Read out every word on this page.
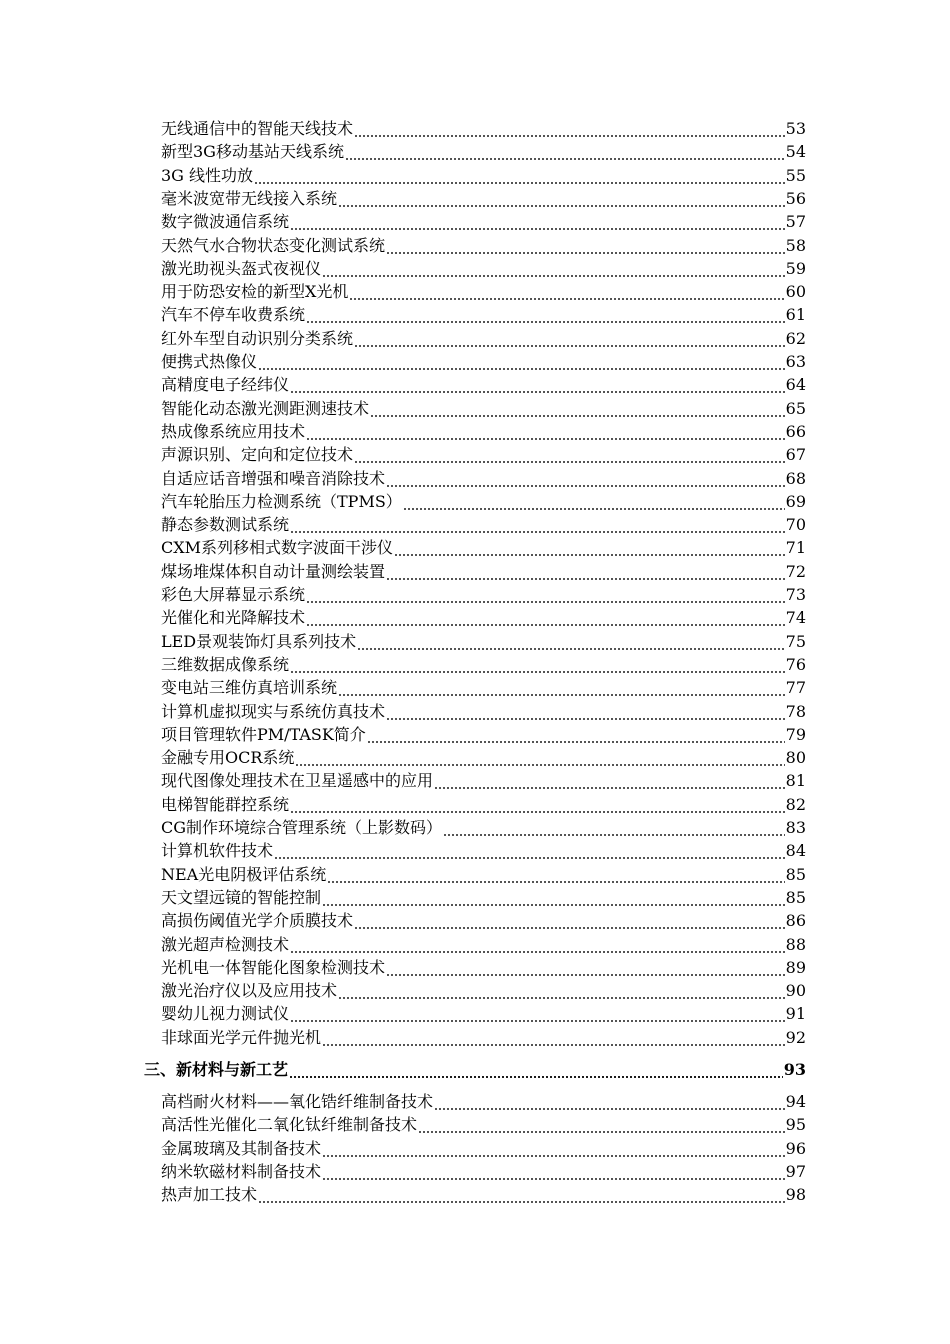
无线通信中的智能天线技术	53
新型3G移动基站天线系统	54
3G 线性功放	55
毫米波宽带无线接入系统	56
数字微波通信系统	57
天然气水合物状态变化测试系统	58
激光助视头盔式夜视仪	59
用于防恐安检的新型X光机	60
汽车不停车收费系统	61
红外车型自动识别分类系统	62
便携式热像仪	63
高精度电子经纬仪	64
智能化动态激光测距测速技术	65
热成像系统应用技术	66
声源识别、定向和定位技术	67
自适应话音增强和噪音消除技术	68
汽车轮胎压力检测系统（TPMS）	69
静态参数测试系统	70
CXM系列移相式数字波面干涉仪	71
煤场堆煤体积自动计量测绘装置	72
彩色大屏幕显示系统	73
光催化和光降解技术	74
LED景观装饰灯具系列技术	75
三维数据成像系统	76
变电站三维仿真培训系统	77
计算机虚拟现实与系统仿真技术	78
项目管理软件PM/TASK简介	79
金融专用OCR系统	80
现代图像处理技术在卫星遥感中的应用	81
电梯智能群控系统	82
CG制作环境综合管理系统（上影数码）	83
计算机软件技术	84
NEA光电阴极评估系统	85
天文望远镜的智能控制	85
高损伤阈值光学介质膜技术	86
激光超声检测技术	88
光机电一体智能化图象检测技术	89
激光治疗仪以及应用技术	90
婴幼儿视力测试仪	91
非球面光学元件抛光机	92
三、新材料与新工艺	93
高档耐火材料——氧化锆纤维制备技术	94
高活性光催化二氧化钛纤维制备技术	95
金属玻璃及其制备技术	96
纳米软磁材料制备技术	97
热声加工技术	98
